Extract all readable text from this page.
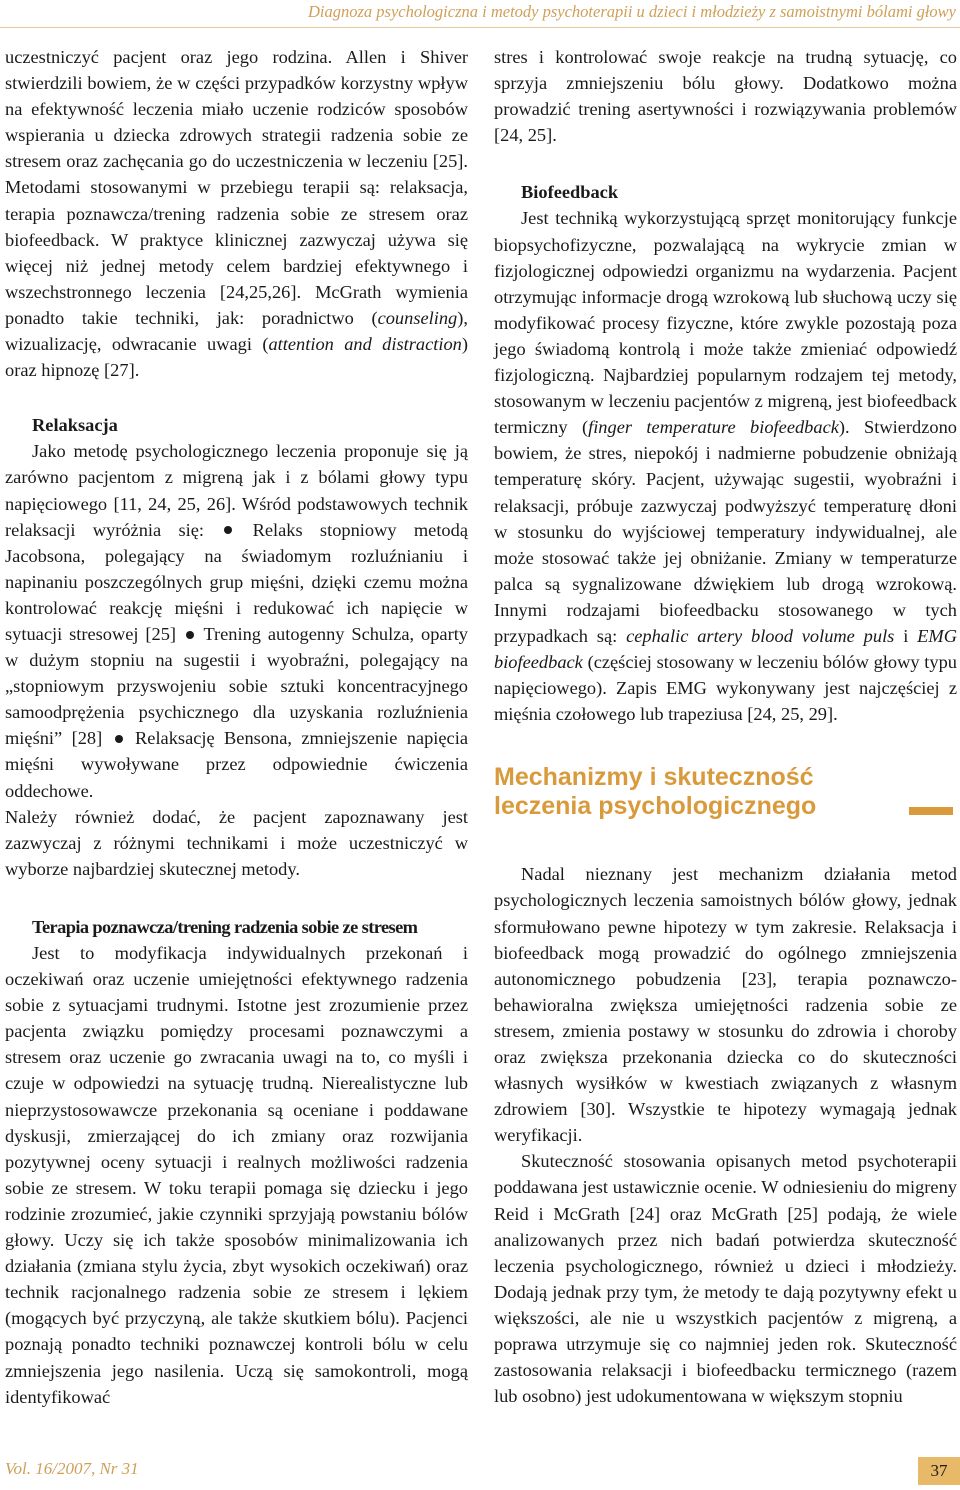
Diagnoza psychologiczna i metody psychoterapii u dzieci i młodzieży z samoistnymi bólami głowy

uczestniczyć pacjent oraz jego rodzina. Allen i Shiver stwierdzili bowiem, że w części przypadków korzystny wpływ na efektywność leczenia miało uczenie rodziców sposobów wspierania u dziecka zdrowych strategii radzenia sobie ze stresem oraz zachęcania go do uczestniczenia w leczeniu [25]. Metodami stosowanymi w przebiegu terapii są: relaksacja, terapia poznawcza/trening radzenia sobie ze stresem oraz biofeedback. W praktyce klinicznej zazwyczaj używa się więcej niż jednej metody celem bardziej efektywnego i wszechstronnego leczenia [24,25,26]. McGrath wymienia ponadto takie techniki, jak: poradnictwo (counseling), wizualizację, odwracanie uwagi (attention and distraction) oraz hipnozę [27].

Relaksacja

Jako metodę psychologicznego leczenia proponuje się ją zarówno pacjentom z migreną jak i z bólami głowy typu napięciowego [11, 24, 25, 26]. Wśród podstawowych technik relaksacji wyróżnia się:	Relaks stopniowy metodą Jacobsona, polegający na świadomym rozluźnianiu i napinaniu poszczególnych grup mięśni, dzięki czemu można kontrolować reakcję mięśni i redukować ich napięcie w sytuacji stresowej [25] Trening autogenny Schulza, oparty w dużym stopniu na sugestii i wyobraźni, polegający na „stopniowym przyswojeniu sobie sztuki koncentracyjnego samoodprężenia psychicznego dla uzyskania rozluźnienia mięśni” [28] Relaksację Bensona, zmniejszenie napięcia mięśni wywoływane przez odpowiednie ćwiczenia oddechowe.

Należy również dodać, że pacjent zapoznawany jest zazwyczaj z różnymi technikami i może uczestniczyć w wyborze najbardziej skutecznej metody.

Terapia poznawcza/trening radzenia sobie ze stresem

Jest to modyfikacja indywidualnych przekonań i oczekiwań oraz uczenie umiejętności efektywnego radzenia sobie z sytuacjami trudnymi. Istotne jest zrozumienie przez pacjenta związku pomiędzy procesami poznawczymi a stresem oraz uczenie go zwracania uwagi na to, co myśli i czuje w odpowiedzi na sytuację trudną. Nierealistyczne lub nieprzystosowawcze przekonania są oceniane i poddawane dyskusji, zmierzającej do ich zmiany oraz rozwijania pozytywnej oceny sytuacji i realnych możliwości radzenia sobie ze stresem. W toku terapii pomaga się dziecku i jego rodzinie zrozumieć, jakie czynniki sprzyjają powstaniu bólów głowy. Uczy się ich także sposobów minimalizowania ich działania (zmiana stylu życia, zbyt wysokich oczekiwań) oraz technik racjonalnego radzenia sobie ze stresem i lękiem (mogących być przyczyną, ale także skutkiem bólu). Pacjenci poznają ponadto techniki poznawczej kontroli bólu w celu zmniejszenia jego nasilenia. Uczą się samokontroli, mogą identyfikować

stres i kontrolować swoje reakcje na trudną sytuację, co sprzyja zmniejszeniu bólu głowy. Dodatkowo można prowadzić trening asertywności i rozwiązywania problemów [24, 25].

Biofeedback

Jest techniką wykorzystującą sprzęt monitorujący funkcje biopsychofizyczne, pozwalającą na wykrycie zmian w fizjologicznej odpowiedzi organizmu na wydarzenia. Pacjent otrzymując informacje drogą wzrokową lub słuchową uczy się modyfikować procesy fizyczne, które zwykle pozostają poza jego świadomą kontrolą i może także zmieniać odpowiedź fizjologiczną. Najbardziej popularnym rodzajem tej metody, stosowanym w leczeniu pacjentów z migreną, jest biofeedback termiczny (finger temperature biofeedback). Stwierdzono bowiem, że stres, niepokój i nadmierne pobudzenie obniżają temperaturę skóry. Pacjent, używając sugestii, wyobraźni i relaksacji, próbuje zazwyczaj podwyższyć temperaturę dłoni w stosunku do wyjściowej temperatury indywidualnej, ale może stosować także jej obniżanie. Zmiany w temperaturze palca są sygnalizowane dźwiękiem lub drogą wzrokową. Innymi rodzajami biofeedbacku stosowanego w tych przypadkach są: cephalic artery blood volume puls i EMG biofeedback (częściej stosowany w leczeniu bólów głowy typu napięciowego). Zapis EMG wykonywany jest najczęściej z mięśnia czołowego lub trapeziusa [24, 25, 29].

Mechanizmy i skuteczność
leczenia psychologicznego

Nadal nieznany jest mechanizm działania metod psychologicznych leczenia samoistnych bólów głowy, jednak sformułowano pewne hipotezy w tym zakresie. Relaksacja i biofeedback mogą prowadzić do ogólnego zmniejszenia autonomicznego pobudzenia [23], terapia poznawczo-behawioralna zwiększa umiejętności radzenia sobie ze stresem, zmienia postawy w stosunku do zdrowia i choroby oraz zwiększa przekonania dziecka co do skuteczności własnych wysiłków w kwestiach związanych z własnym zdrowiem [30]. Wszystkie te hipotezy wymagają jednak weryfikacji.

Skuteczność stosowania opisanych metod psychoterapii poddawana jest ustawicznie ocenie. W odniesieniu do migreny Reid i McGrath [24] oraz McGrath [25] podają, że wiele analizowanych przez nich badań potwierdza skuteczność leczenia psychologicznego, również u dzieci i młodzieży. Dodają jednak przy tym, że metody te dają pozytywny efekt u większości, ale nie u wszystkich pacjentów z migreną, a poprawa utrzymuje się co najmniej jeden rok. Skuteczność zastosowania relaksacji i biofeedbacku termicznego (razem lub osobno) jest udokumentowana w większym stopniu

Vol. 16/2007, Nr 31	37
